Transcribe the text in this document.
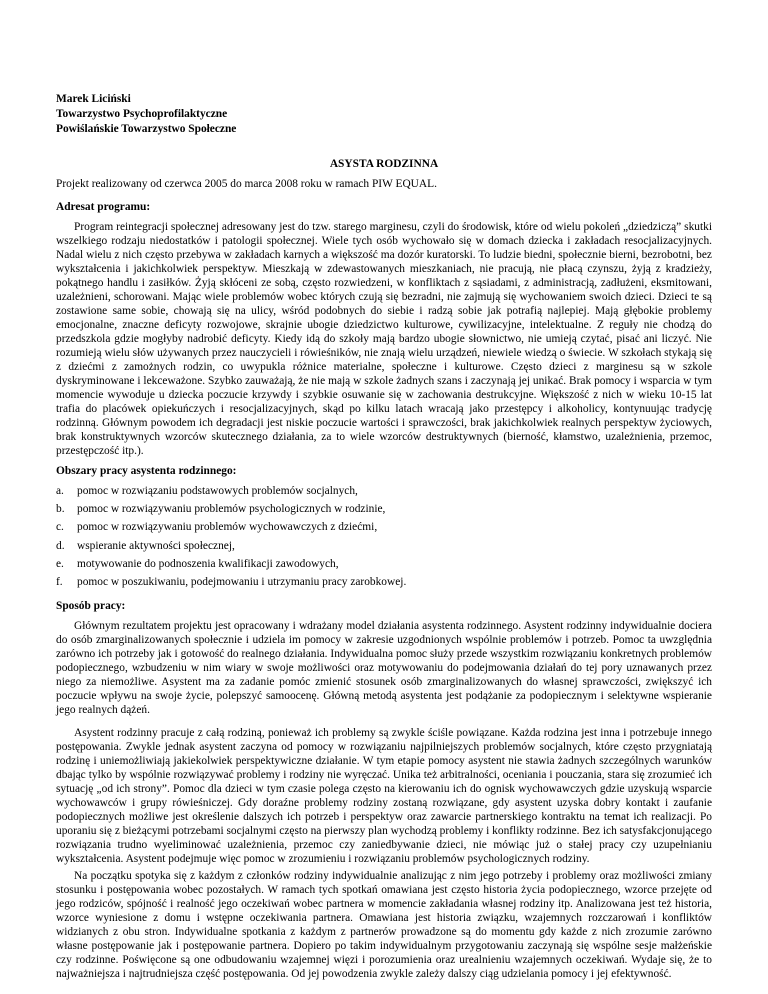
Marek Liciński
Towarzystwo Psychoprofilaktyczne
Powiślańskie Towarzystwo Społeczne
ASYSTA RODZINNA
Projekt realizowany od czerwca 2005 do marca 2008 roku w ramach PIW EQUAL.
Adresat programu:

Program reintegracji społecznej adresowany jest do tzw. starego marginesu, czyli do środowisk, które od wielu pokoleń „dziedziczą” skutki wszelkiego rodzaju niedostatków i patologii społecznej. Wiele tych osób wychowało się w domach dziecka i zakładach resocjalizacyjnych. Nadal wielu z nich często przebywa w zakładach karnych a większość ma dozór kuratorski. To ludzie biedni, społecznie bierni, bezrobotni, bez wykształcenia i jakichkolwiek perspektyw. Mieszkają w zdewastowanych mieszkaniach, nie pracują, nie płacą czynszu, żyją z kradzieży, pokątnego handlu i zasiłków. Żyją skłóceni ze sobą, często rozwiedzeni, w konfliktach z sąsiadami, z administracją, zadłużeni, eksmitowani, uzależnieni, schorowani. Mając wiele problemów wobec których czują się bezradni, nie zajmują się wychowaniem swoich dzieci. Dzieci te są zostawione same sobie, chowają się na ulicy, wśród podobnych do siebie i radzą sobie jak potrafią najlepiej. Mają głębokie problemy emocjonalne, znaczne deficyty rozwojowe, skrajnie ubogie dziedzictwo kulturowe, cywilizacyjne, intelektualne. Z reguły nie chodzą do przedszkola gdzie mogłyby nadrobić deficyty. Kiedy idą do szkoły mają bardzo ubogie słownictwo, nie umieją czytać, pisać ani liczyć. Nie rozumieją wielu słów używanych przez nauczycieli i rówieśników, nie znają wielu urządzeń, niewiele wiedzą o świecie. W szkołach stykają się z dziećmi z zamożnych rodzin, co uwypukla różnice materialne, społeczne i kulturowe. Często dzieci z marginesu są w szkole dyskryminowane i lekceważone. Szybko zauważają, że nie mają w szkole żadnych szans i zaczynają jej unikać. Brak pomocy i wsparcia w tym momencie wywoduje u dziecka poczucie krzywdy i szybkie osuwanie się w zachowania destrukcyjne. Większość z nich w wieku 10-15 lat trafia do placówek opiekuńczych i resocjalizacyjnych, skąd po kilku latach wracają jako przestępcy i alkoholicy, kontynuując tradycję rodzinną. Głównym powodem ich degradacji jest niskie poczucie wartości i sprawczości, brak jakichkolwiek realnych perspektyw życiowych, brak konstruktywnych wzorców skutecznego działania, za to wiele wzorców destruktywnych (bierność, kłamstwo, uzależnienia, przemoc, przestępczość itp.).

Obszary pracy asystenta rodzinnego:
a.	pomoc w rozwiązaniu podstawowych problemów socjalnych,
b.	pomoc w rozwiązywaniu problemów psychologicznych w rodzinie,
c.	pomoc w rozwiązywaniu problemów wychowawczych z dziećmi,
d.	wspieranie aktywności społecznej,
e.	motywowanie do podnoszenia kwalifikacji zawodowych,
f.	pomoc w poszukiwaniu, podejmowaniu i utrzymaniu pracy zarobkowej.
Sposób pracy:

Głównym rezultatem projektu jest opracowany i wdrażany model działania asystenta rodzinnego. Asystent rodzinny indywidualnie dociera do osób zmarginalizowanych społecznie i udziela im pomocy w zakresie uzgodnionych wspólnie problemów i potrzeb. Pomoc ta uwzględnia zarówno ich potrzeby jak i gotowość do realnego działania. Indywidualna pomoc służy przede wszystkim rozwiązaniu konkretnych problemów podopiecznego, wzbudzeniu w nim wiary w swoje możliwości oraz motywowaniu do podejmowania działań do tej pory uznawanych przez niego za niemożliwe. Asystent ma za zadanie pomóc zmienić stosunek osób zmarginalizowanych do własnej sprawczości, zwiększyć ich poczucie wpływu na swoje życie, polepszyć samoocenę. Główną metodą asystenta jest podążanie za podopiecznym i selektywne wspieranie jego realnych dążeń.

Asystent rodzinny pracuje z całą rodziną, ponieważ ich problemy są zwykle ściśle powiązane. Każda rodzina jest inna i potrzebuje innego postępowania. Zwykle jednak asystent zaczyna od pomocy w rozwiązaniu najpilniejszych problemów socjalnych, które często przygniatają rodzinę i uniemożliwiają jakiekolwiek perspektywiczne działanie. W tym etapie pomocy asystent nie stawia żadnych szczególnych warunków dbając tylko by wspólnie rozwiązywać problemy i rodziny nie wyręczać. Unika też arbitralności, oceniania i pouczania, stara się zrozumieć ich sytuację „od ich strony”. Pomoc dla dzieci w tym czasie polega często na kierowaniu ich do ognisk wychowawczych gdzie uzyskują wsparcie wychowawców i grupy rówieśniczej. Gdy doraźne problemy rodziny zostaną rozwiązane, gdy asystent uzyska dobry kontakt i zaufanie podopiecznych możliwe jest określenie dalszych ich potrzeb i perspektyw oraz zawarcie partnerskiego kontraktu na temat ich realizacji. Po uporaniu się z bieżącymi potrzebami socjalnymi często na pierwszy plan wychodzą problemy i konflikty rodzinne. Bez ich satysfakcjonującego rozwiązania trudno wyeliminować uzależnienia, przemoc czy zaniedbywanie dzieci, nie mówiąc już o stałej pracy czy uzupełnianiu wykształcenia. Asystent podejmuje więc pomoc w zrozumieniu i rozwiązaniu problemów psychologicznych rodziny.

Na początku spotyka się z każdym z członków rodziny indywidualnie analizując z nim jego potrzeby i problemy oraz możliwości zmiany stosunku i postępowania wobec pozostałych. W ramach tych spotkań omawiana jest często historia życia podopiecznego, wzorce przejęte od jego rodziców, spójność i realność jego oczekiwań wobec partnera w momencie zakładania własnej rodziny itp. Analizowana jest też historia, wzorce wyniesione z domu i wstępne oczekiwania partnera. Omawiana jest historia związku, wzajemnych rozczarowań i konfliktów widzianych z obu stron. Indywidualne spotkania z każdym z partnerów prowadzone są do momentu gdy każde z nich zrozumie zarówno własne postępowanie jak i postępowanie partnera. Dopiero po takim indywidualnym przygotowaniu zaczynają się wspólne sesje małżeńskie czy rodzinne. Poświęcone są one odbudowaniu wzajemnej więzi i porozumienia oraz urealnieniu wzajemnych oczekiwań. Wydaje się, że to najważniejsza i najtrudniejsza część postępowania. Od jej powodzenia zwykle zależy dalszy ciąg udzielania pomocy i jej efektywność.
